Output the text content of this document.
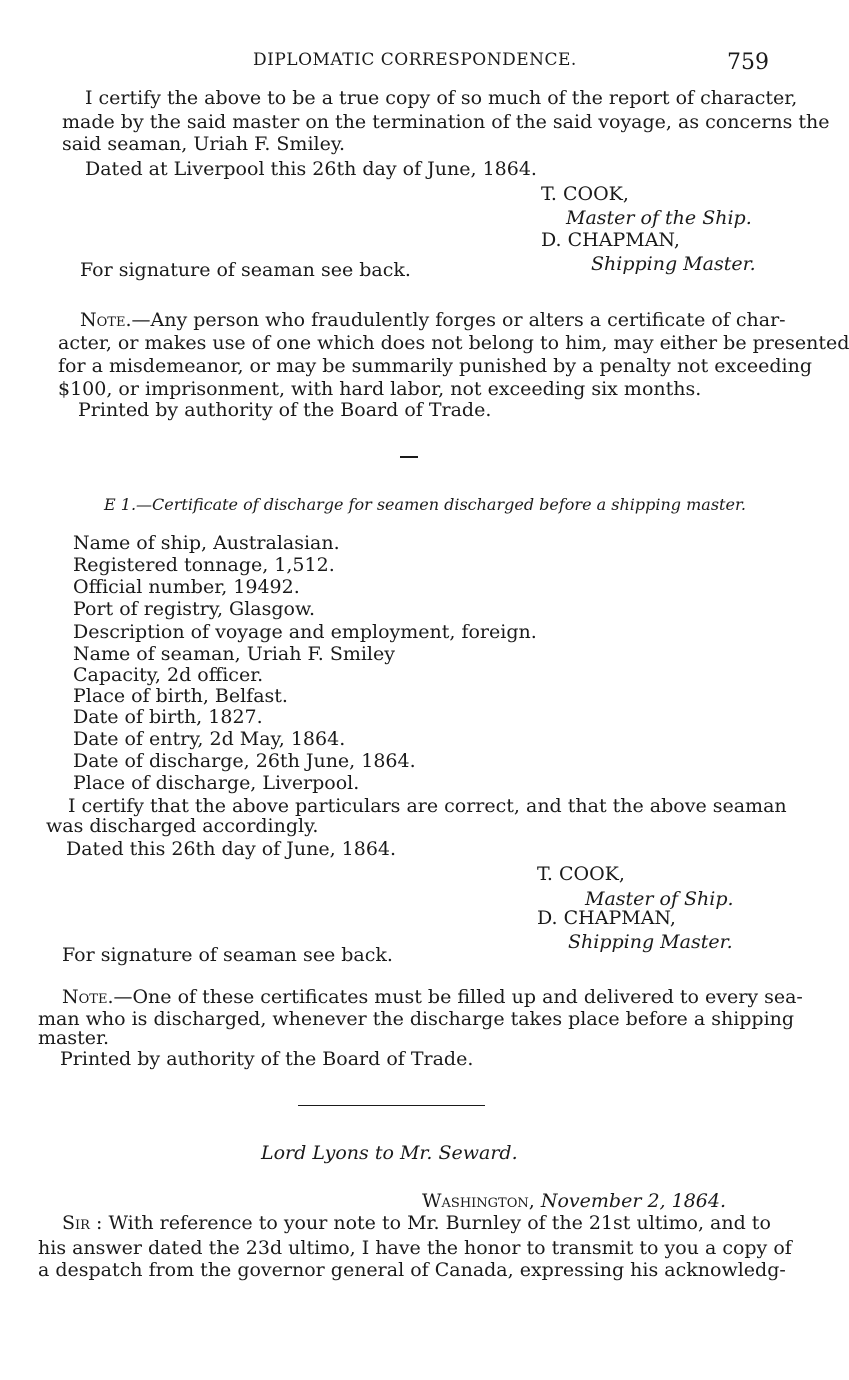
DIPLOMATIC CORRESPONDENCE.	759
I certify the above to be a true copy of so much of the report of character,
made by the said master on the termination of the said voyage, as concerns the
said seaman, Uriah F. Smiley.
Dated at Liverpool this 26th day of June, 1864.
T. COOK,
Master of the Ship.
D. CHAPMAN,
Shipping Master.
For signature of seaman see back.
Note.—Any person who fraudulently forges or alters a certificate of char-
acter, or makes use of one which does not belong to him, may either be presented
for a misdemeanor, or may be summarily punished by a penalty not exceeding
$100, or imprisonment, with hard labor, not exceeding six months.
Printed by authority of the Board of Trade.
E 1.—Certificate of discharge for seamen discharged before a shipping master.
Name of ship, Australasian.
Registered tonnage, 1,512.
Official number, 19492.
Port of registry, Glasgow.
Description of voyage and employment, foreign.
Name of seaman, Uriah F. Smiley
Capacity, 2d officer.
Place of birth, Belfast.
Date of birth, 1827.
Date of entry, 2d May, 1864.
Date of discharge, 26th June, 1864.
Place of discharge, Liverpool.
I certify that the above particulars are correct, and that the above seaman
was discharged accordingly.
Dated this 26th day of June, 1864.
T. COOK,
Master of Ship.
D. CHAPMAN,
Shipping Master.
For signature of seaman see back.
Note.—One of these certificates must be filled up and delivered to every sea-
man who is discharged, whenever the discharge takes place before a shipping
master.
Printed by authority of the Board of Trade.
Lord Lyons to Mr. Seward.
Washington, November 2, 1864.
Sir : With reference to your note to Mr. Burnley of the 21st ultimo, and to
his answer dated the 23d ultimo, I have the honor to transmit to you a copy of
a despatch from the governor general of Canada, expressing his acknowledg-
